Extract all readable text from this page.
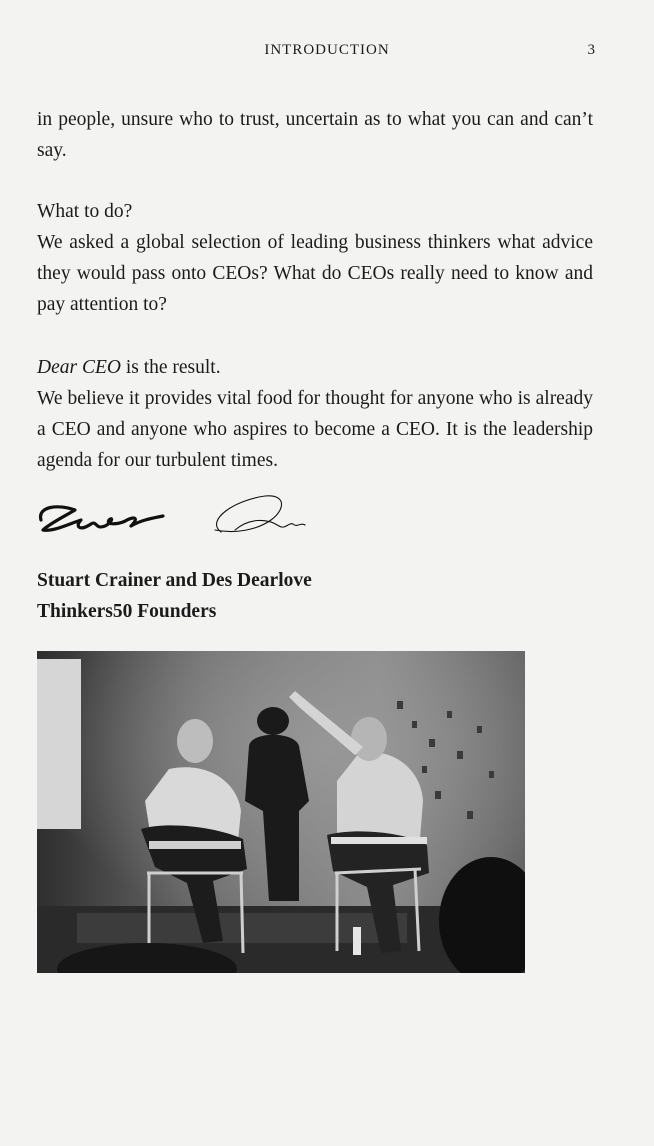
INTRODUCTION	3

in people, unsure who to trust, uncertain as to what you can and can’t say.

What to do?

We asked a global selection of leading business thinkers what advice they would pass onto CEOs? What do CEOs really need to know and pay attention to?

Dear CEO is the result.

We believe it provides vital food for thought for anyone who is already a CEO and anyone who aspires to become a CEO. It is the leadership agenda for our turbulent times.

Stuart Crainer and Des Dearlove
Thinkers50 Founders
